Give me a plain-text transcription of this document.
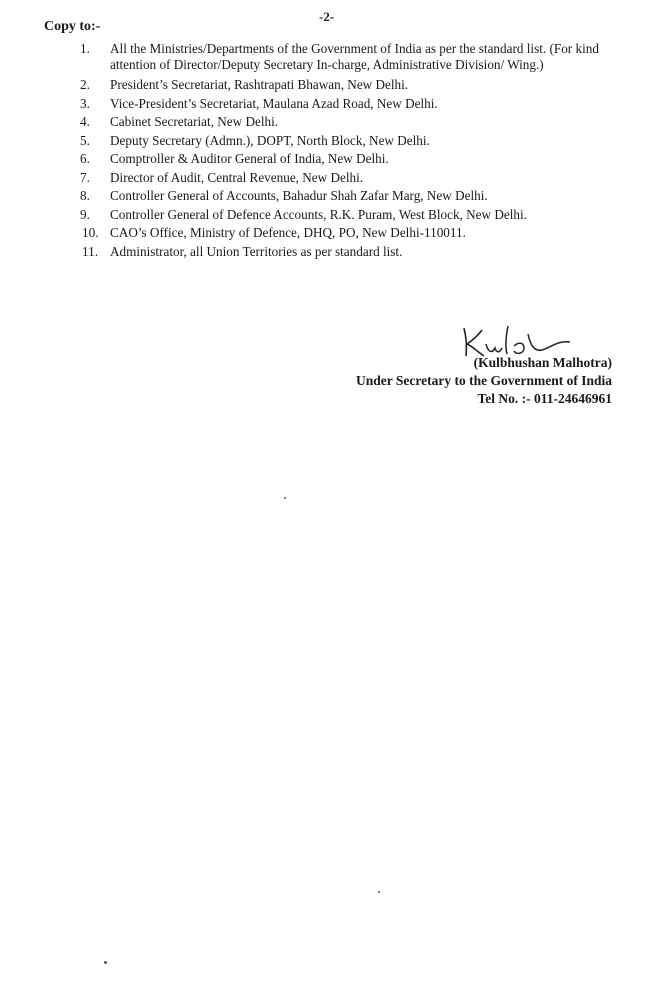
-2-
Copy to:-
1.	All the Ministries/Departments of the Government of India as per the standard list. (For kind attention of Director/Deputy Secretary In-charge, Administrative Division/ Wing.)
2.	President’s Secretariat, Rashtrapati Bhawan, New Delhi.
3.	Vice-President’s Secretariat, Maulana Azad Road, New Delhi.
4.	Cabinet Secretariat, New Delhi.
5.	Deputy Secretary (Admn.), DOPT, North Block, New Delhi.
6.	Comptroller & Auditor General of India, New Delhi.
7.	Director of Audit, Central Revenue, New Delhi.
8.	Controller General of Accounts, Bahadur Shah Zafar Marg, New Delhi.
9.	Controller General of Defence Accounts, R.K. Puram, West Block, New Delhi.
10. CAO’s Office, Ministry of Defence, DHQ, PO, New Delhi-110011.
11. Administrator, all Union Territories as per standard list.
(Kulbhushan Malhotra)
Under Secretary to the Government of India
Tel No. :- 011-24646961
